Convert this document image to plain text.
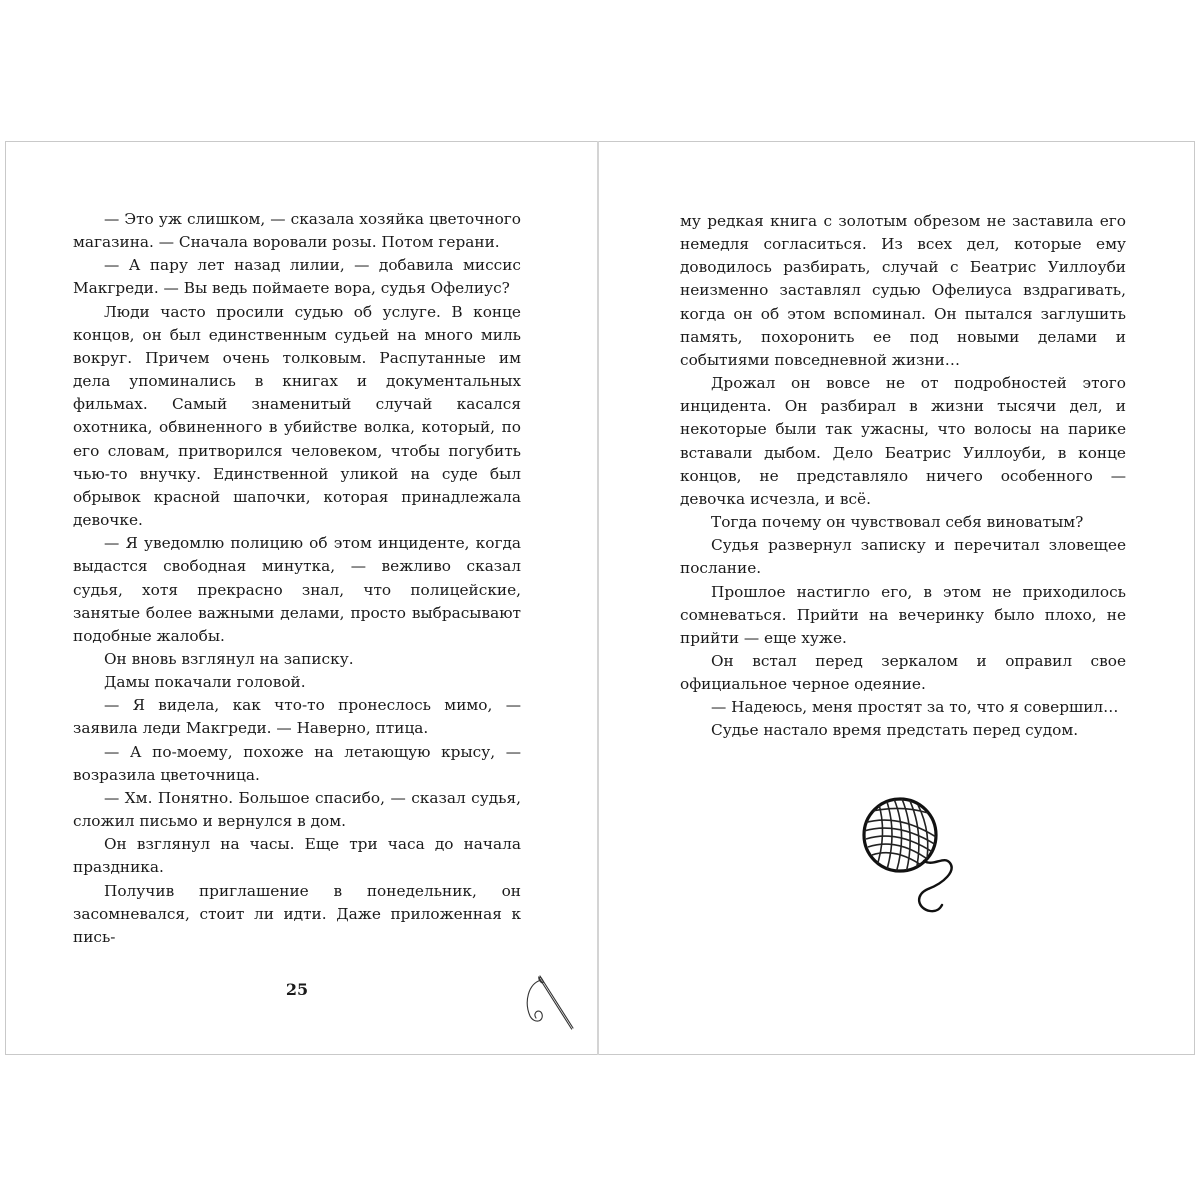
— Это уж слишком, — сказала хозяйка цветочного магазина. — Сначала воровали розы. Потом герани.

— А пару лет назад лилии, — добавила миссис Макгреди. — Вы ведь поймаете вора, судья Офелиус?

Люди часто просили судью об услуге. В конце концов, он был единственным судьей на много миль вокруг. Причем очень толковым. Распутанные им дела упоминались в книгах и документальных фильмах. Самый знаменитый случай касался охотника, обвиненного в убийстве волка, который, по его словам, притворился человеком, чтобы погубить чью-то внучку. Единственной уликой на суде был обрывок красной шапочки, которая принадлежала девочке.

— Я уведомлю полицию об этом инциденте, когда выдастся свободная минутка, — вежливо сказал судья, хотя прекрасно знал, что полицейские, занятые более важными делами, просто выбрасывают подобные жалобы.

Он вновь взглянул на записку.

Дамы покачали головой.

— Я видела, как что-то пронеслось мимо, — заявила леди Макгреди. — Наверно, птица.

— А по-моему, похоже на летающую крысу, — возразила цветочница.

— Хм. Понятно. Большое спасибо, — сказал судья, сложил письмо и вернулся в дом.

Он взглянул на часы. Еще три часа до начала праздника.

Получив приглашение в понедельник, он засомневался, стоит ли идти. Даже приложенная к пись-

25

му редкая книга с золотым обрезом не заставила его немедля согласиться. Из всех дел, которые ему доводилось разбирать, случай с Беатрис Уиллоуби неизменно заставлял судью Офелиуса вздрагивать, когда он об этом вспоминал. Он пытался заглушить память, похоронить ее под новыми делами и событиями повседневной жизни…

Дрожал он вовсе не от подробностей этого инцидента. Он разбирал в жизни тысячи дел, и некоторые были так ужасны, что волосы на парике вставали дыбом. Дело Беатрис Уиллоуби, в конце концов, не представляло ничего особенного — девочка исчезла, и всё.

Тогда почему он чувствовал себя виноватым?

Судья развернул записку и перечитал зловещее послание.

Прошлое настигло его, в этом не приходилось сомневаться. Прийти на вечеринку было плохо, не прийти — еще хуже.

Он встал перед зеркалом и оправил свое официальное черное одеяние.

— Надеюсь, меня простят за то, что я совершил…

Судье настало время предстать перед судом.
